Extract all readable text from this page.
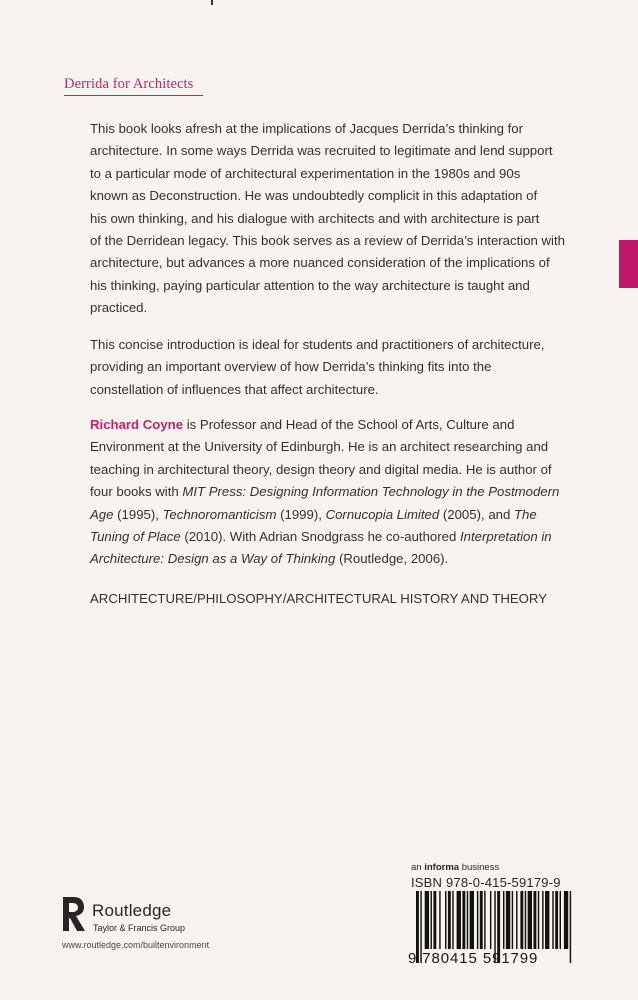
Derrida for Architects
This book looks afresh at the implications of Jacques Derrida’s thinking for
architecture. In some ways Derrida was recruited to legitimate and lend support
to a particular mode of architectural experimentation in the 1980s and 90s
known as Deconstruction. He was undoubtedly complicit in this adaptation of
his own thinking, and his dialogue with architects and with architecture is part
of the Derridean legacy. This book serves as a review of Derrida’s interaction with
architecture, but advances a more nuanced consideration of the implications of
his thinking, paying particular attention to the way architecture is taught and
practiced.
This concise introduction is ideal for students and practitioners of architecture,
providing an important overview of how Derrida’s thinking fits into the
constellation of influences that affect architecture.
Richard Coyne is Professor and Head of the School of Arts, Culture and
Environment at the University of Edinburgh. He is an architect researching and
teaching in architectural theory, design theory and digital media. He is author of
four books with MIT Press: Designing Information Technology in the Postmodern
Age (1995), Technoromanticism (1999), Cornucopia Limited (2005), and The
Tuning of Place (2010). With Adrian Snodgrass he co-authored Interpretation in
Architecture: Design as a Way of Thinking (Routledge, 2006).
ARCHITECTURE/PHILOSOPHY/ARCHITECTURAL HISTORY AND THEORY
Routledge
Taylor & Francis Group
www.routledge.com/builtenvironment
an informa business
ISBN 978-0-415-59179-9
9 780415 591799
